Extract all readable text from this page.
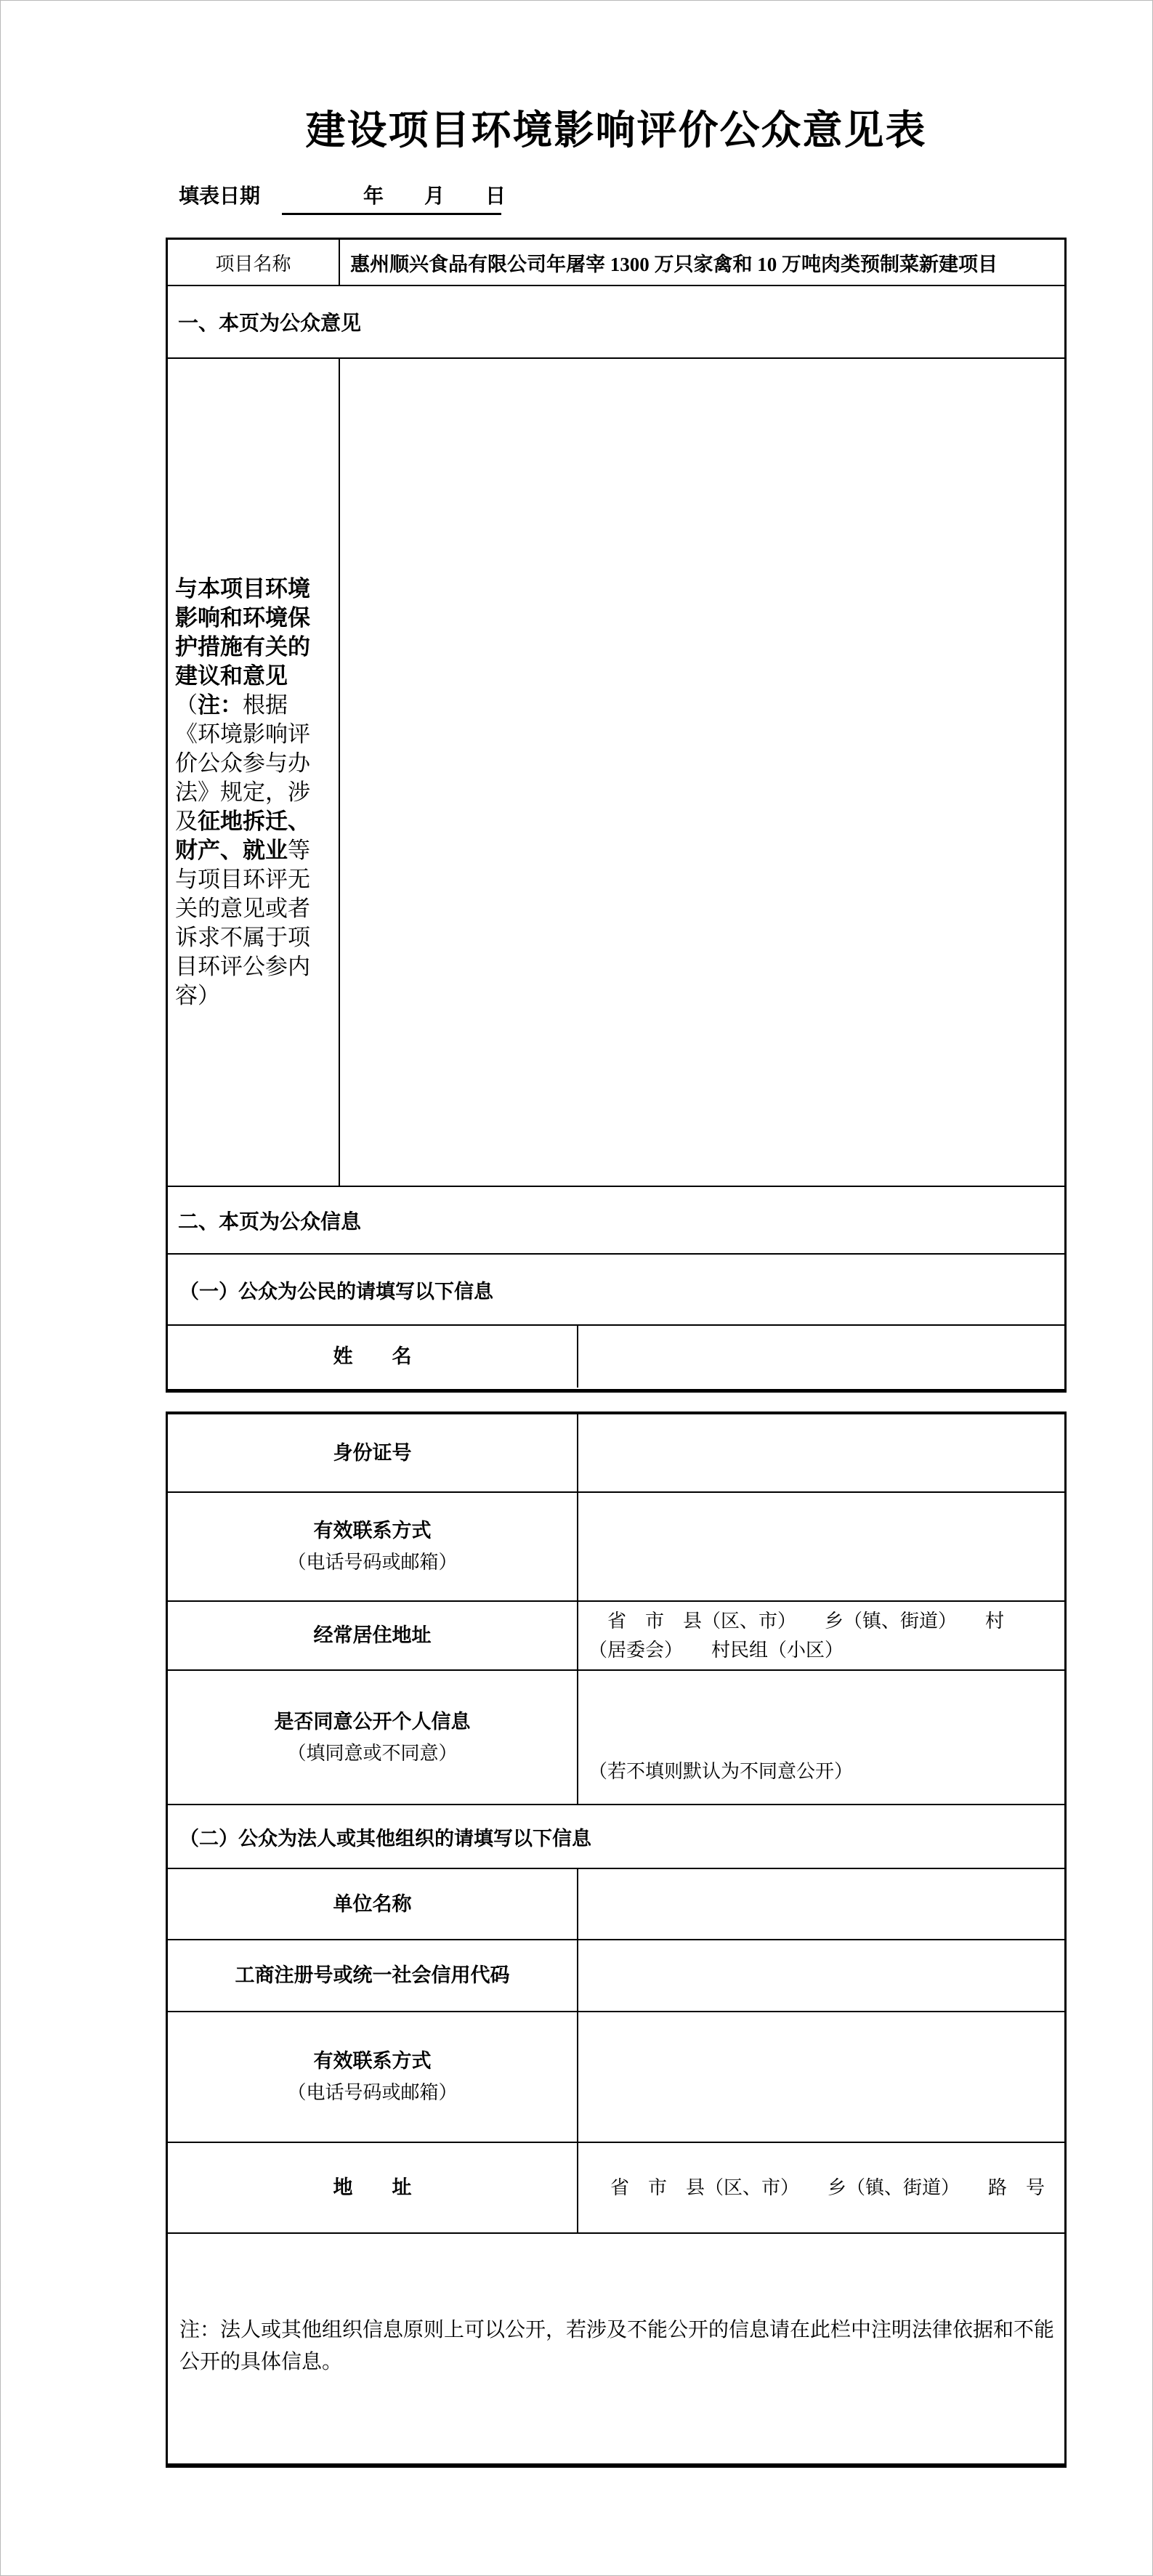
建设项目环境影响评价公众意见表
填表日期　　　　年　　月　　日
项目名称	惠州顺兴食品有限公司年屠宰 1300 万只家禽和 10 万吨肉类预制菜新建项目
一、本页为公众意见
与本项目环境影响和环境保护措施有关的建议和意见（注：根据《环境影响评价公众参与办法》规定，涉及征地拆迁、财产、就业等与项目环评无关的意见或者诉求不属于项目环评公参内容）
二、本页为公众信息
（一）公众为公民的请填写以下信息
姓　　名
身份证号
有效联系方式
（电话号码或邮箱）
经常居住地址
　省　市　县（区、市）　　乡（镇、街道）　　村（居委会）　　村民组（小区）
是否同意公开个人信息
（填同意或不同意）
（若不填则默认为不同意公开）
（二）公众为法人或其他组织的请填写以下信息
单位名称
工商注册号或统一社会信用代码
有效联系方式
（电话号码或邮箱）
地　　址	省　市　县（区、市）　　乡（镇、街道）　　路　号
注：法人或其他组织信息原则上可以公开，若涉及不能公开的信息请在此栏中注明法律依据和不能公开的具体信息。
